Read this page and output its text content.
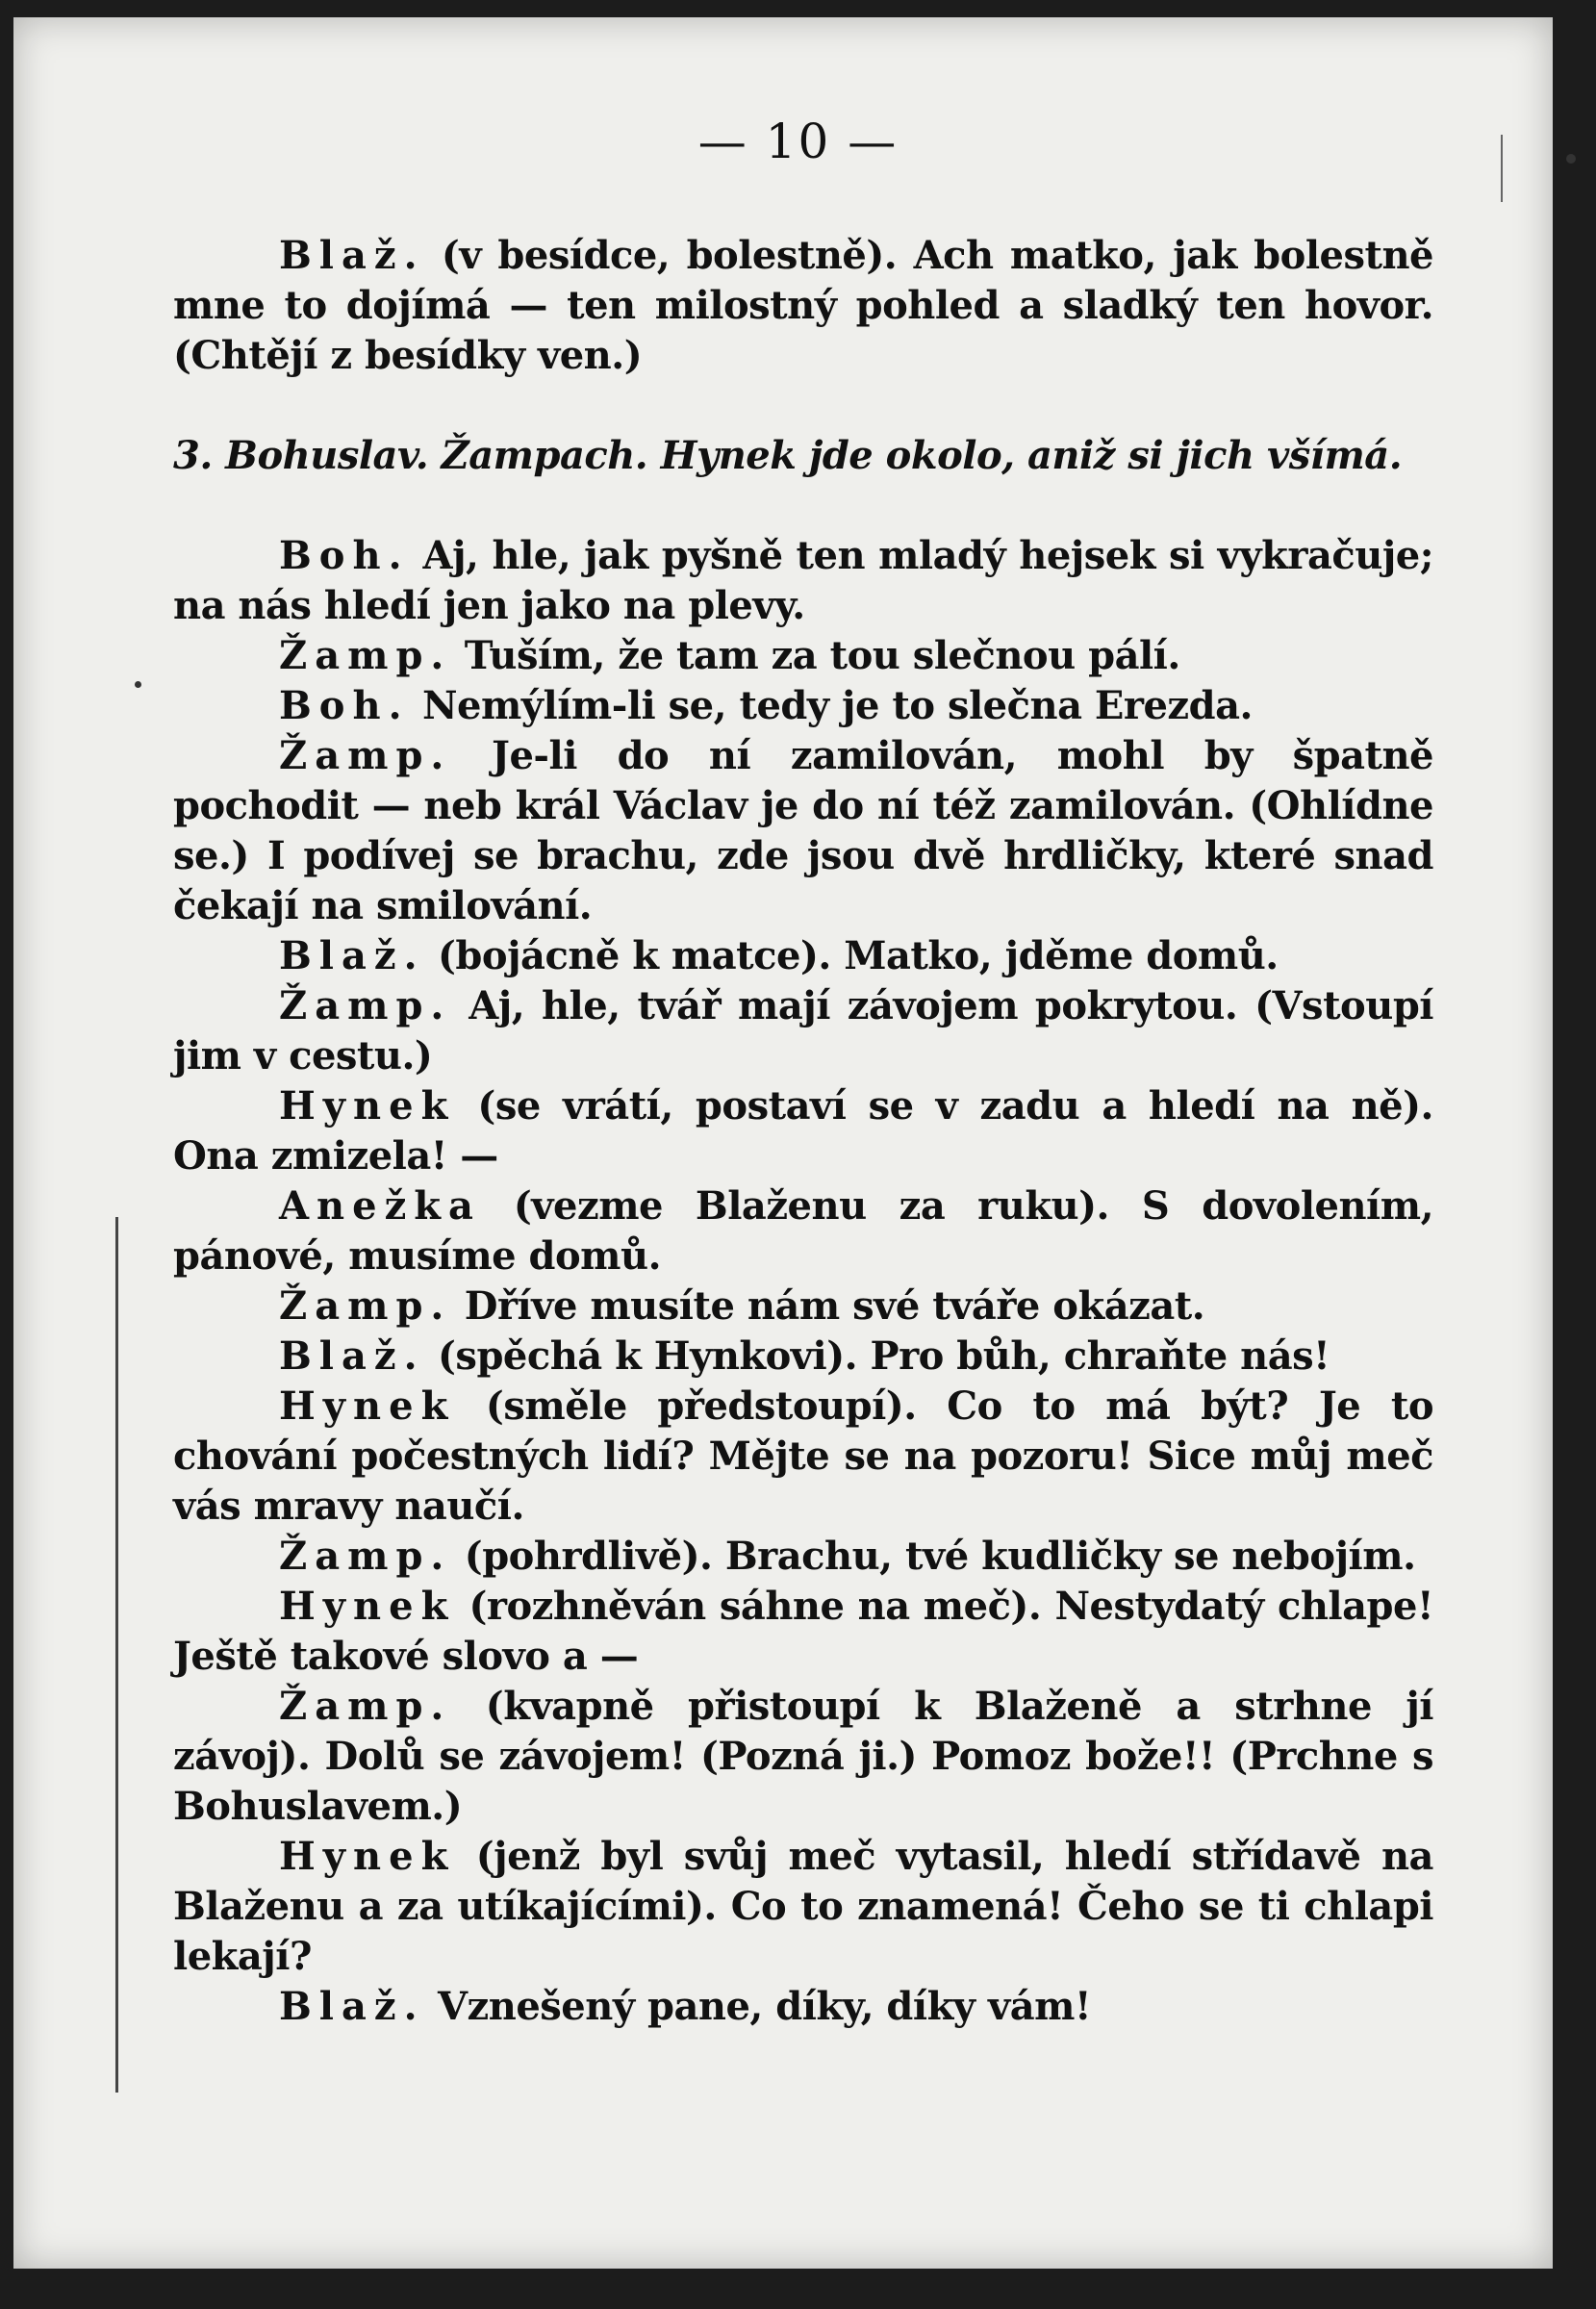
— 10 —

Blaž. (v besídce, bolestně). Ach matko, jak bolestně mne to dojímá — ten milostný pohled a sladký ten hovor. (Chtějí z besídky ven.)

3. Bohuslav. Žampach. Hynek jde okolo, aniž si jich všímá.

Boh. Aj, hle, jak pyšně ten mladý hejsek si vykračuje; na nás hledí jen jako na plevy.

Žamp. Tuším, že tam za tou slečnou pálí.

Boh. Nemýlím-li se, tedy je to slečna Erezda.

Žamp. Je-li do ní zamilován, mohl by špatně pochodit — neb král Václav je do ní též zamilován. (Ohlídne se.) I podívej se brachu, zde jsou dvě hrdličky, které snad čekají na smilování.

Blaž. (bojácně k matce). Matko, jděme domů.

Žamp. Aj, hle, tvář mají závojem pokrytou. (Vstoupí jim v cestu.)

Hynek (se vrátí, postaví se v zadu a hledí na ně). Ona zmizela! —

Anežka (vezme Blaženu za ruku). S dovolením, pánové, musíme domů.

Žamp. Dříve musíte nám své tváře okázat.

Blaž. (spěchá k Hynkovi). Pro bůh, chraňte nás!

Hynek (směle předstoupí). Co to má být? Je to chování počestných lidí? Mějte se na pozoru! Sice můj meč vás mravy naučí.

Žamp. (pohrdlivě). Brachu, tvé kudličky se nebojím.

Hynek (rozhněván sáhne na meč). Nestydatý chlape! Ještě takové slovo a —

Žamp. (kvapně přistoupí k Blaženě a strhne jí závoj). Dolů se závojem! (Pozná ji.) Pomoz bože!! (Prchne s Bohuslavem.)

Hynek (jenž byl svůj meč vytasil, hledí střídavě na Blaženu a za utíkajícími). Co to znamená! Čeho se ti chlapi lekají?

Blaž. Vznešený pane, díky, díky vám!
